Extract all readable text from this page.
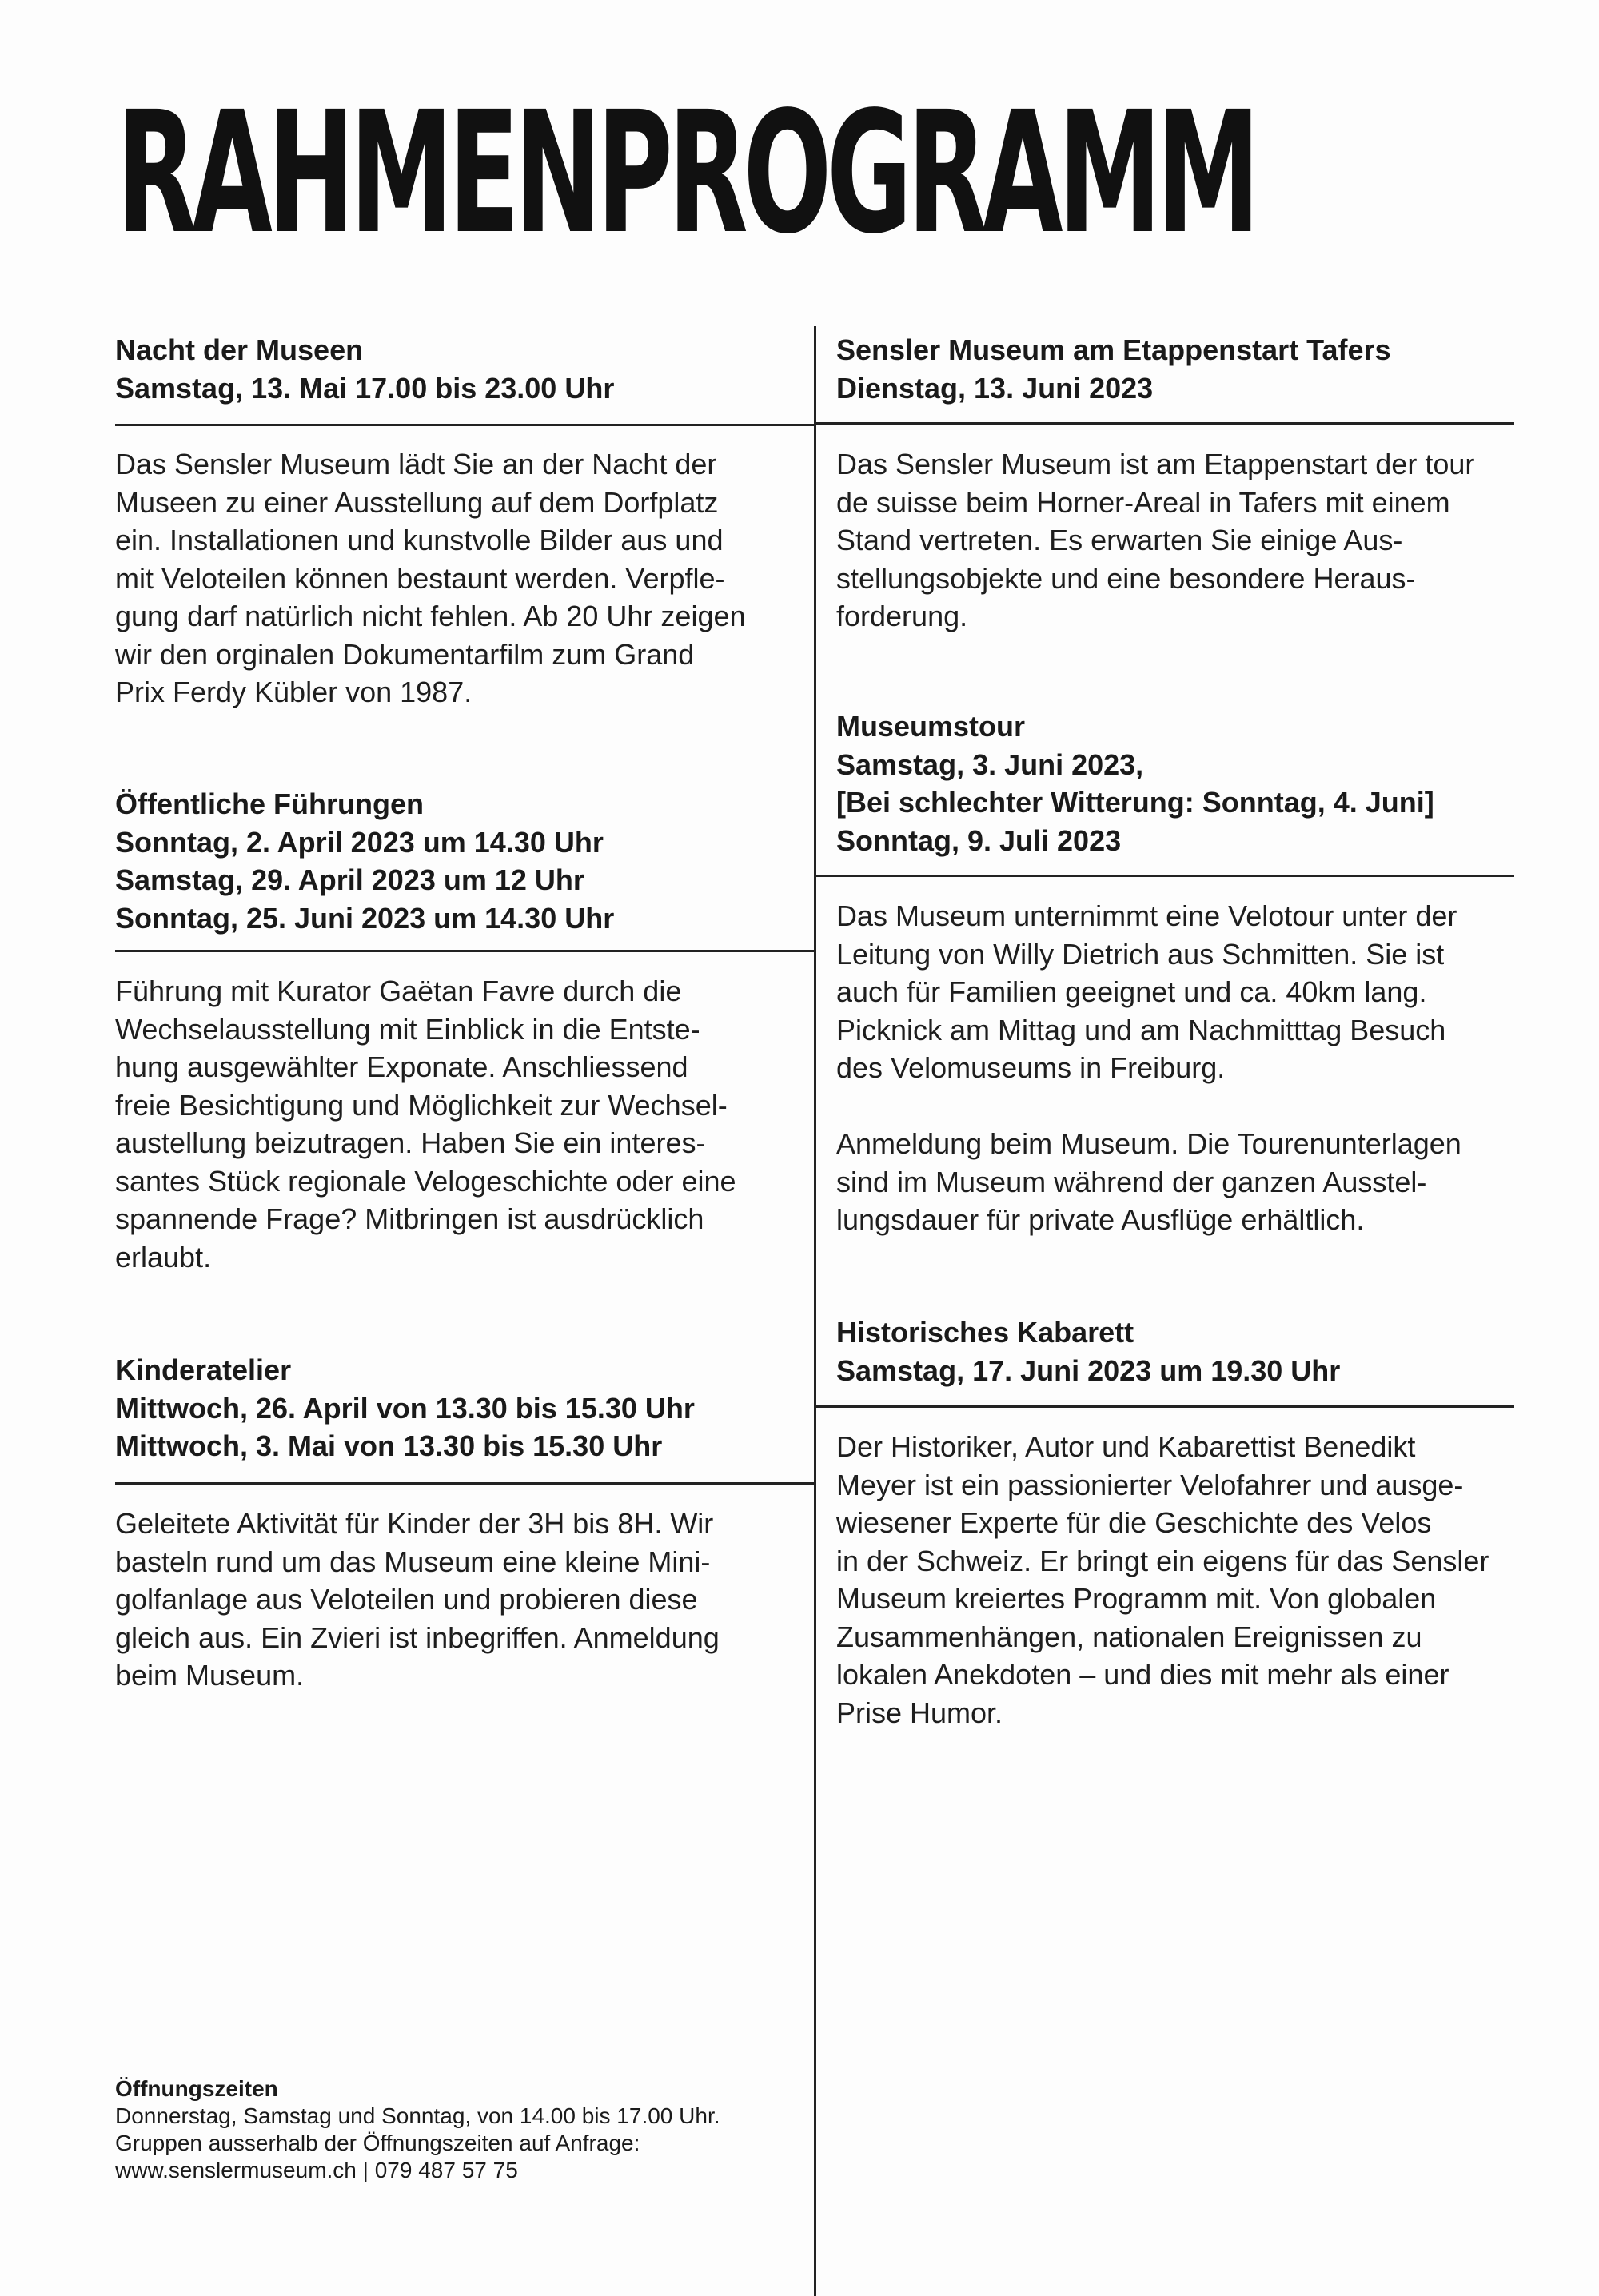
RAHMENPROGRAMM
Nacht der Museen
Samstag, 13. Mai 17.00 bis 23.00 Uhr

Das Sensler Museum lädt Sie an der Nacht der
Museen zu einer Ausstellung auf dem Dorfplatz
ein. Installationen und kunstvolle Bilder aus und
mit Veloteilen können bestaunt werden. Verpfle-
gung darf natürlich nicht fehlen. Ab 20 Uhr zeigen
wir den orginalen Dokumentarfilm zum Grand
Prix Ferdy Kübler von 1987.

Öffentliche Führungen
Sonntag, 2. April 2023 um 14.30 Uhr
Samstag, 29. April 2023 um 12 Uhr
Sonntag, 25. Juni 2023 um 14.30 Uhr

Führung mit Kurator Gaëtan Favre durch die
Wechselausstellung mit Einblick in die Entste-
hung ausgewählter Exponate. Anschliessend
freie Besichtigung und Möglichkeit zur Wechsel-
austellung beizutragen. Haben Sie ein interes-
santes Stück regionale Velogeschichte oder eine
spannende Frage? Mitbringen ist ausdrücklich
erlaubt.

Kinderatelier
Mittwoch, 26. April von 13.30 bis 15.30 Uhr
Mittwoch, 3. Mai von 13.30 bis 15.30 Uhr

Geleitete Aktivität für Kinder der 3H bis 8H. Wir
basteln rund um das Museum eine kleine Mini-
golfanlage aus Veloteilen und probieren diese
gleich aus. Ein Zvieri ist inbegriffen. Anmeldung
beim Museum.

Sensler Museum am Etappenstart Tafers
Dienstag, 13. Juni 2023

Das Sensler Museum ist am Etappenstart der tour
de suisse beim Horner-Areal in Tafers mit einem
Stand vertreten. Es erwarten Sie einige Aus-
stellungsobjekte und eine besondere Heraus-
forderung.

Museumstour
Samstag, 3. Juni 2023,
[Bei schlechter Witterung: Sonntag, 4. Juni]
Sonntag, 9. Juli 2023

Das Museum unternimmt eine Velotour unter der
Leitung von Willy Dietrich aus Schmitten. Sie ist
auch für Familien geeignet und ca. 40km lang.
Picknick am Mittag und am Nachmitttag Besuch
des Velomuseums in Freiburg.
Anmeldung beim Museum. Die Tourenunterlagen
sind im Museum während der ganzen Ausstel-
lungsdauer für private Ausflüge erhältlich.

Historisches Kabarett
Samstag, 17. Juni 2023 um 19.30 Uhr

Der Historiker, Autor und Kabarettist Benedikt
Meyer ist ein passionierter Velofahrer und ausge-
wiesener Experte für die Geschichte des Velos
in der Schweiz. Er bringt ein eigens für das Sensler
Museum kreiertes Programm mit. Von globalen
Zusammenhängen, nationalen Ereignissen zu
lokalen Anekdoten – und dies mit mehr als einer
Prise Humor.

Öffnungszeiten

Donnerstag, Samstag und Sonntag, von 14.00 bis 17.00 Uhr.
Gruppen ausserhalb der Öffnungszeiten auf Anfrage:
www.senslermuseum.ch | 079 487 57 75
